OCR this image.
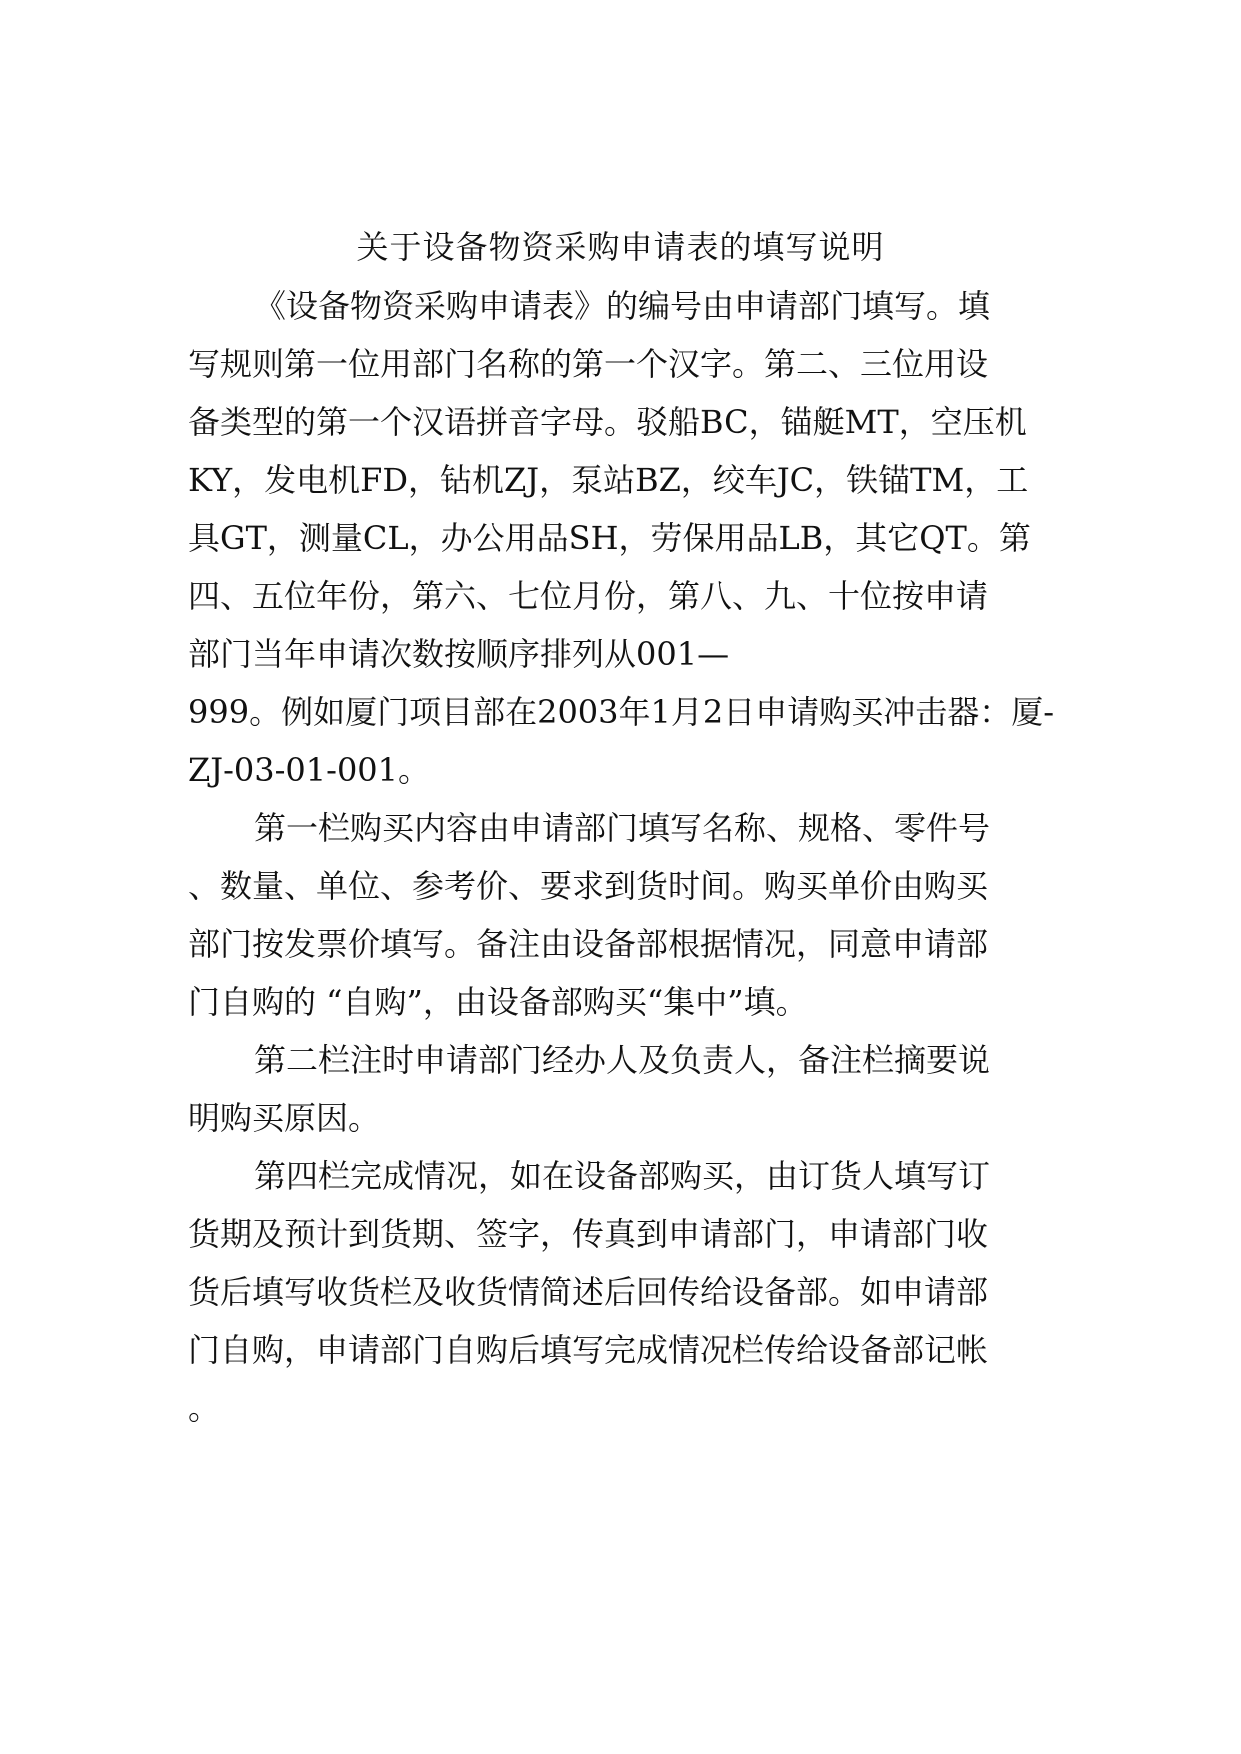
关于设备物资采购申请表的填写说明
《设备物资采购申请表》的编号由申请部门填写。填
写规则第一位用部门名称的第一个汉字。第二、三位用设
备类型的第一个汉语拼音字母。驳船BC，锚艇MT，空压机
KY，发电机FD，钻机ZJ，泵站BZ，绞车JC，铁锚TM，工
具GT，测量CL，办公用品SH，劳保用品LB，其它QT。第
四、五位年份，第六、七位月份，第八、九、十位按申请
部门当年申请次数按顺序排列从001—
999。例如厦门项目部在2003年1月2日申请购买冲击器：厦-
ZJ-03-01-001。
第一栏购买内容由申请部门填写名称、规格、零件号
、数量、单位、参考价、要求到货时间。购买单价由购买
部门按发票价填写。备注由设备部根据情况，同意申请部
门自购的 “自购”，由设备部购买“集中”填。
第二栏注时申请部门经办人及负责人，备注栏摘要说
明购买原因。
第四栏完成情况，如在设备部购买，由订货人填写订
货期及预计到货期、签字，传真到申请部门，申请部门收
货后填写收货栏及收货情简述后回传给设备部。如申请部
门自购，申请部门自购后填写完成情况栏传给设备部记帐
。
